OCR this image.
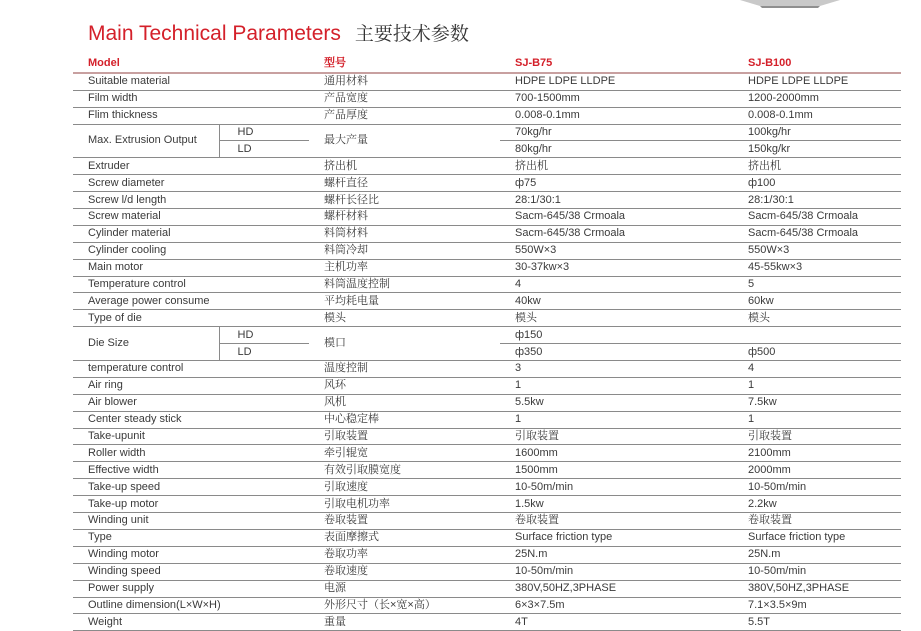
Main Technical Parameters 主要技术参数
Model		型号	SJ-B75	SJ-B100
Suitable material		通用材料	HDPE LDPE LLDPE	HDPE LDPE LLDPE
Film width		产品宽度	700-1500mm	1200-2000mm
Flim thickness		产品厚度	0.008-0.1mm	0.008-0.1mm
Max. Extrusion Output	HD	最大产量	70kg/hr	100kg/hr
	LD		80kg/hr	150kg/kr
Extruder		挤出机	挤出机	挤出机
Screw diameter		螺杆直径	ф75	ф100
Screw l/d length		螺杆长径比	28:1/30:1	28:1/30:1
Screw material		螺杆材料	Sacm-645/38 Crmoala	Sacm-645/38 Crmoala
Cylinder material		料筒材料	Sacm-645/38 Crmoala	Sacm-645/38 Crmoala
Cylinder cooling		料筒冷却	550W×3	550W×3
Main motor		主机功率	30-37kw×3	45-55kw×3
Temperature control		料筒温度控制	4	5
Average power consume		平均耗电量	40kw	60kw
Type of die		模头	模头	模头
Die Size	HD	模口	ф150	
	LD		ф350	ф500
temperature control		温度控制	3	4
Air ring		风环	1	1
Air blower		风机	5.5kw	7.5kw
Center steady stick		中心稳定棒	1	1
Take-upunit		引取装置	引取装置	引取装置
Roller width		牵引辊宽	1600mm	2100mm
Effective width		有效引取膜宽度	1500mm	2000mm
Take-up speed		引取速度	10-50m/min	10-50m/min
Take-up motor		引取电机功率	1.5kw	2.2kw
Winding unit		卷取装置	卷取装置	卷取装置
Type		表面摩擦式	Surface friction type	Surface friction type
Winding motor		卷取功率	25N.m	25N.m
Winding speed		卷取速度	10-50m/min	10-50m/min
Power supply		电源	380V,50HZ,3PHASE	380V,50HZ,3PHASE
Outline dimension(L×W×H)		外形尺寸（长×宽×高）	6×3×7.5m	7.1×3.5×9m
Weight		重量	4T	5.5T
